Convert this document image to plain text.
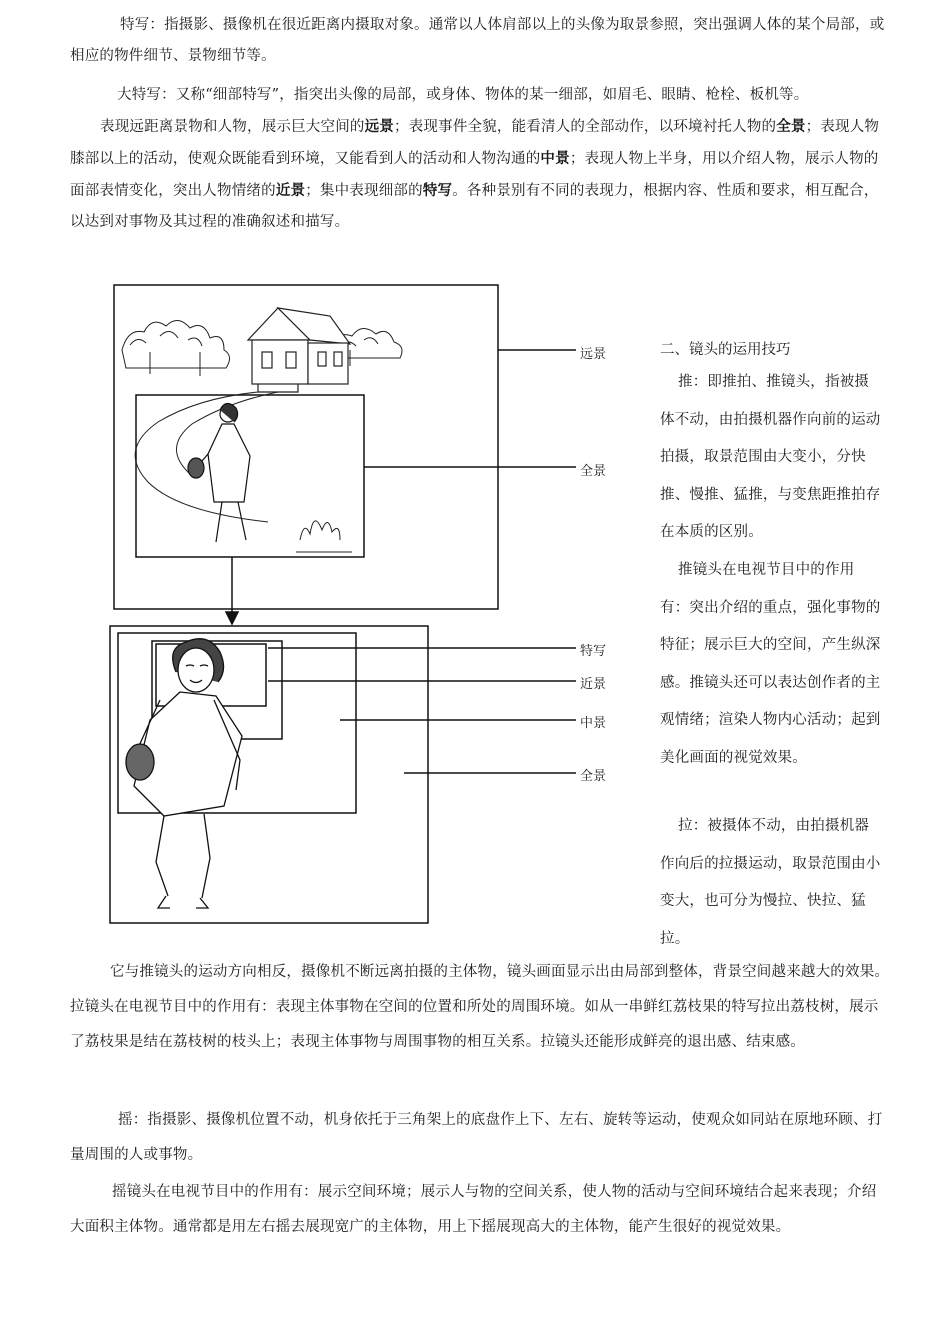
特写：指摄影、摄像机在很近距离内摄取对象。通常以人体肩部以上的头像为取景参照，突出强调人体的某个局部，或相应的物件细节、景物细节等。

大特写：又称“细部特写”，指突出头像的局部，或身体、物体的某一细部，如眉毛、眼睛、枪栓、板机等。

表现远距离景物和人物，展示巨大空间的远景；表现事件全貌，能看清人的全部动作，以环境衬托人物的全景；表现人物膝部以上的活动，使观众既能看到环境，又能看到人的活动和人物沟通的中景；表现人物上半身，用以介绍人物，展示人物的面部表情变化，突出人物情绪的近景；集中表现细部的特写。各种景别有不同的表现力，根据内容、性质和要求，相互配合，以达到对事物及其过程的准确叙述和描写。

远景
全景
特写
近景
中景
全景
二、镜头的运用技巧

推：即推拍、推镜头，指被摄体不动，由拍摄机器作向前的运动拍摄，取景范围由大变小，分快推、慢推、猛推，与变焦距推拍存在本质的区别。

推镜头在电视节目中的作用有：突出介绍的重点，强化事物的特征；展示巨大的空间，产生纵深感。推镜头还可以表达创作者的主观情绪；渲染人物内心活动；起到美化画面的视觉效果。

拉：被摄体不动，由拍摄机器作向后的拉摄运动，取景范围由小变大，也可分为慢拉、快拉、猛拉。

它与推镜头的运动方向相反，摄像机不断远离拍摄的主体物，镜头画面显示出由局部到整体，背景空间越来越大的效果。拉镜头在电视节目中的作用有：表现主体事物在空间的位置和所处的周围环境。如从一串鲜红荔枝果的特写拉出荔枝树，展示了荔枝果是结在荔枝树的枝头上；表现主体事物与周围事物的相互关系。拉镜头还能形成鲜亮的退出感、结束感。

摇：指摄影、摄像机位置不动，机身依托于三角架上的底盘作上下、左右、旋转等运动，使观众如同站在原地环顾、打量周围的人或事物。

摇镜头在电视节目中的作用有：展示空间环境；展示人与物的空间关系，使人物的活动与空间环境结合起来表现；介绍大面积主体物。通常都是用左右摇去展现宽广的主体物，用上下摇展现高大的主体物，能产生很好的视觉效果。
